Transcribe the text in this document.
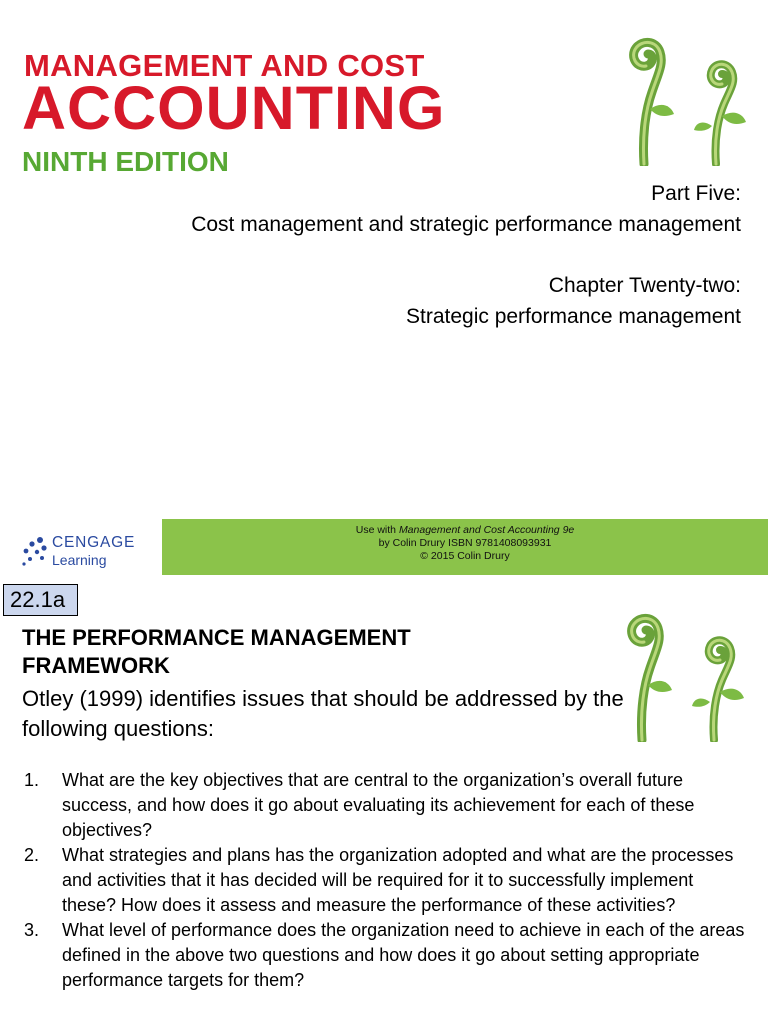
MANAGEMENT AND COST
ACCOUNTING
NINTH EDITION
Part Five:
Cost management and strategic performance management
Chapter Twenty-two:
Strategic performance management
CENGAGE
Learning
Use with Management and Cost Accounting 9e
by Colin Drury ISBN 9781408093931
© 2015 Colin Drury
22.1a
THE PERFORMANCE MANAGEMENT FRAMEWORK
Otley (1999) identifies issues that should be addressed by the following questions:
1. What are the key objectives that are central to the organization’s overall future success, and how does it go about evaluating its achievement for each of these objectives?
2. What strategies and plans has the organization adopted and what are the processes and activities that it has decided will be required for it to successfully implement these? How does it assess and measure the performance of these activities?
3. What level of performance does the organization need to achieve in each of the areas defined in the above two questions and how does it go about setting appropriate performance targets for them?
